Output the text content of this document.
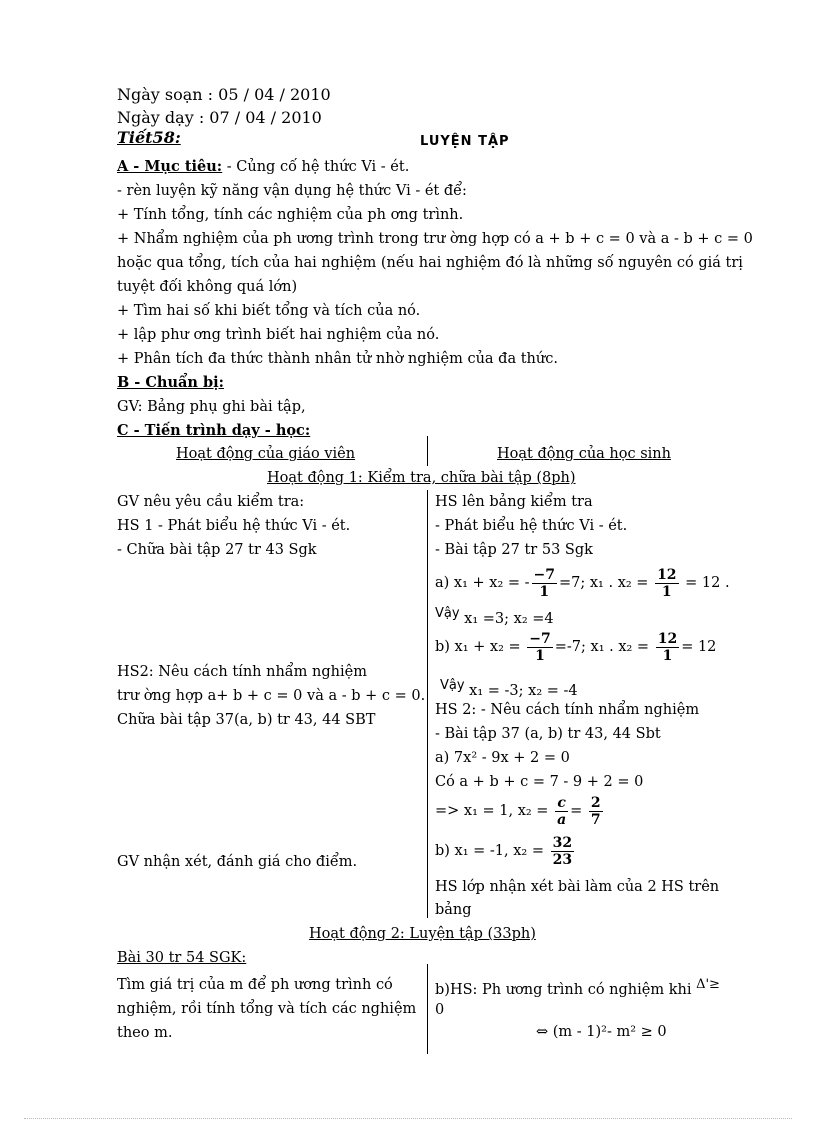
Ngày soạn : 05 / 04 / 2010
Ngày dạy : 07 / 04 / 2010
Tiết58:	LUYỆN TẬP
A - Mục tiêu: - Củng cố hệ thức Vi - ét.
- rèn luyện kỹ năng vận dụng hệ thức Vi - ét để:
+ Tính tổng, tính các nghiệm của ph ơng trình.
+ Nhẩm nghiệm của ph ương trình trong trư ờng hợp có a + b + c = 0 và a - b + c = 0
hoặc qua tổng, tích của hai nghiệm (nếu hai nghiệm đó là những số nguyên có giá trị
tuyệt đối không quá lớn)
+ Tìm hai số khi biết tổng và tích của nó.
+ lập phư ơng trình biết hai nghiệm của nó.
+ Phân tích đa thức thành nhân tử nhờ nghiệm của đa thức.
B - Chuẩn bị:
GV: Bảng phụ ghi bài tập,
C - Tiến trình dạy - học:
Hoạt động của giáo viên	Hoạt động của học sinh
Hoạt động 1: Kiểm tra, chữa bài tập (8ph)
GV nêu yêu cầu kiểm tra:
HS 1 - Phát biểu hệ thức Vi - ét.
- Chữa bài tập 27 tr 43 Sgk
HS2: Nêu cách tính nhẩm nghiệm
trư ờng hợp a+ b + c = 0 và a - b + c = 0.
Chữa bài tập 37(a, b) tr 43, 44 SBT
GV nhận xét, đánh giá cho điểm.
HS lên bảng kiểm tra
- Phát biểu hệ thức Vi - ét.
- Bài tập 27 tr 53 Sgk
a) x₁ + x₂ = - $\frac{-7}{1} =7$; x₁ . $x_2 = \frac{12}{1} = 12$ .
Vậy x₁ =3; x₂ =4
b) $x_1 + x_2 = \frac{-7}{1} =-7$; x₁ . $x_2 = \frac{12}{1} = 12$
Vậy x₁ = -3; x₂ = -4
HS 2: - Nêu cách tính nhẩm nghiệm
- Bài tập 37 (a, b) tr 43, 44 Sbt
a) 7x² - 9x + 2 = 0
Có a + b + c = 7 - 9 + 2 = 0
=> x₁ = 1, $x_2 = \frac{c}{a} = \frac{2}{7}$
b) x₁ = -1, $x_2 = \frac{32}{23}$
HS lớp nhận xét bài làm của 2 HS trên
bảng
Hoạt động 2: Luyện tập (33ph)
Bài 30 tr 54 SGK:
Tìm giá trị của m để ph ương trình có
nghiệm, rồi tính tổng và tích các nghiệm
theo m.
b)HS: Ph ương trình có nghiệm khi Δ'≥
0
⇔ (m - 1)²- m² ≥ 0
